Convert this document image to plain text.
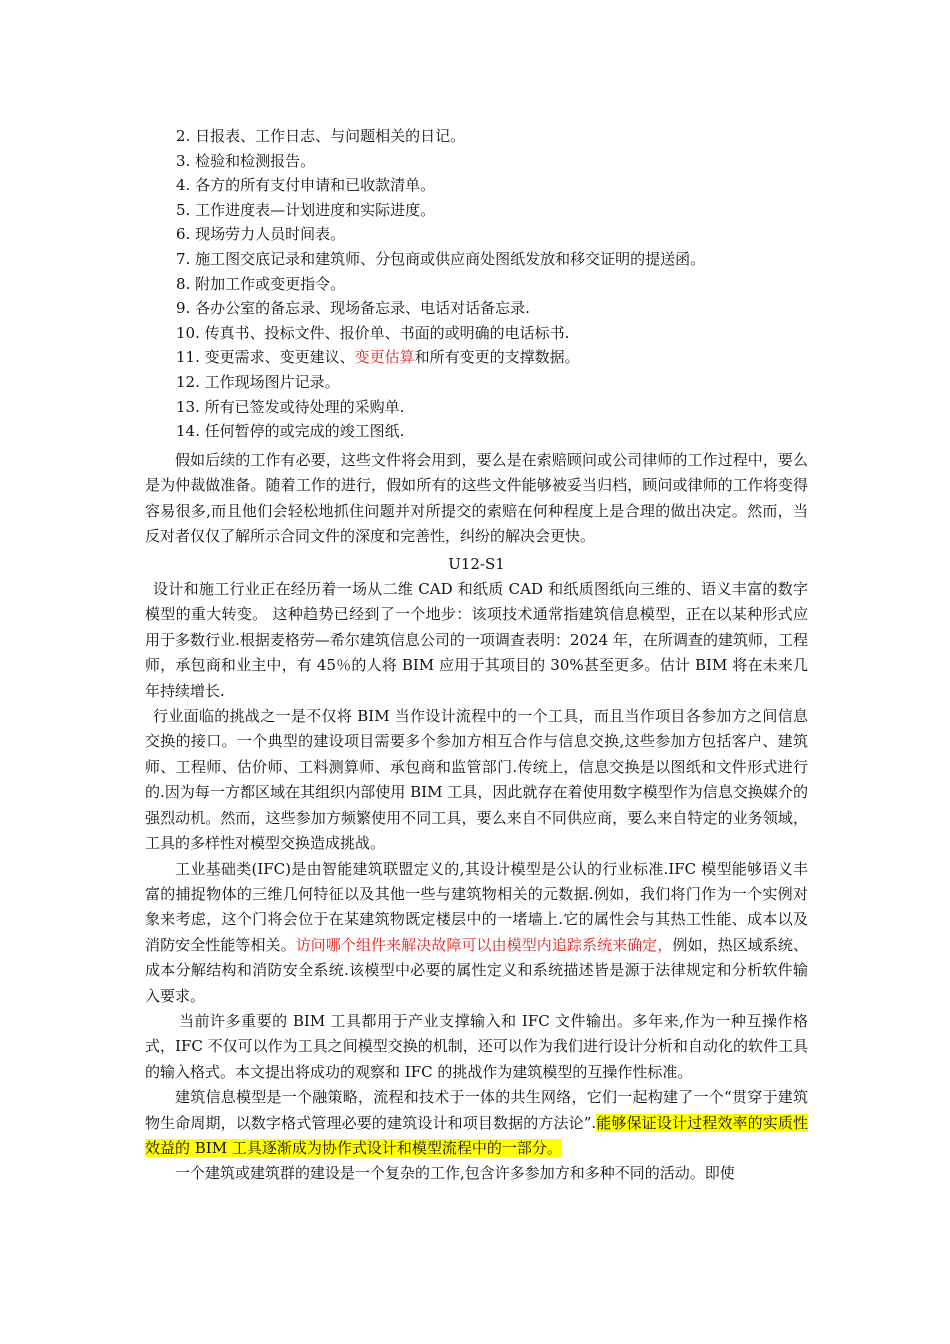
2. 日报表、工作日志、与问题相关的日记。
3. 检验和检测报告。
4. 各方的所有支付申请和已收款清单。
5. 工作进度表—计划进度和实际进度。
6. 现场劳力人员时间表。
7. 施工图交底记录和建筑师、分包商或供应商处图纸发放和移交证明的提送函。
8. 附加工作或变更指令。
9. 各办公室的备忘录、现场备忘录、电话对话备忘录.
10. 传真书、投标文件、报价单、书面的或明确的电话标书.
11. 变更需求、变更建议、变更估算和所有变更的支撑数据。
12. 工作现场图片记录。
13. 所有已签发或待处理的采购单.
14. 任何暂停的或完成的竣工图纸.

假如后续的工作有必要，这些文件将会用到，要么是在索赔顾问或公司律师的工作过程中，要么是为仲裁做准备。随着工作的进行，假如所有的这些文件能够被妥当归档，顾问或律师的工作将变得容易很多,而且他们会轻松地抓住问题并对所提交的索赔在何种程度上是合理的做出决定。然而，当反对者仅仅了解所示合同文件的深度和完善性，纠纷的解决会更快。

U12-S1

设计和施工行业正在经历着一场从二维 CAD 和纸质 CAD 和纸质图纸向三维的、语义丰富的数字模型的重大转变。 这种趋势已经到了一个地步：该项技术通常指建筑信息模型，正在以某种形式应用于多数行业.根据麦格劳—希尔建筑信息公司的一项调查表明：2024 年，在所调查的建筑师，工程师，承包商和业主中，有 45％的人将 BIM 应用于其项目的 30%甚至更多。估计 BIM 将在未来几年持续增长.

行业面临的挑战之一是不仅将 BIM 当作设计流程中的一个工具，而且当作项目各参加方之间信息交换的接口。一个典型的建设项目需要多个参加方相互合作与信息交换,这些参加方包括客户、建筑师、工程师、估价师、工料测算师、承包商和监管部门.传统上，信息交换是以图纸和文件形式进行的.因为每一方都区域在其组织内部使用 BIM 工具，因此就存在着使用数字模型作为信息交换媒介的强烈动机。然而，这些参加方频繁使用不同工具，要么来自不同供应商，要么来自特定的业务领域，工具的多样性对模型交换造成挑战。

工业基础类(IFC)是由智能建筑联盟定义的,其设计模型是公认的行业标准.IFC 模型能够语义丰富的捕捉物体的三维几何特征以及其他一些与建筑物相关的元数据.例如，我们将门作为一个实例对象来考虑，这个门将会位于在某建筑物既定楼层中的一堵墙上.它的属性会与其热工性能、成本以及消防安全性能等相关。访问哪个组件来解决故障可以由模型内追踪系统来确定，例如，热区域系统、成本分解结构和消防安全系统.该模型中必要的属性定义和系统描述皆是源于法律规定和分析软件输入要求。

当前许多重要的 BIM 工具都用于产业支撑输入和 IFC 文件输出。多年来,作为一种互操作格式，IFC 不仅可以作为工具之间模型交换的机制，还可以作为我们进行设计分析和自动化的软件工具的输入格式。本文提出将成功的观察和 IFC 的挑战作为建筑模型的互操作性标准。

建筑信息模型是一个融策略，流程和技术于一体的共生网络，它们一起构建了一个“贯穿于建筑物生命周期，以数字格式管理必要的建筑设计和项目数据的方法论”.能够保证设计过程效率的实质性效益的 BIM 工具逐渐成为协作式设计和模型流程中的一部分。

一个建筑或建筑群的建设是一个复杂的工作,包含许多参加方和多种不同的活动。即使
